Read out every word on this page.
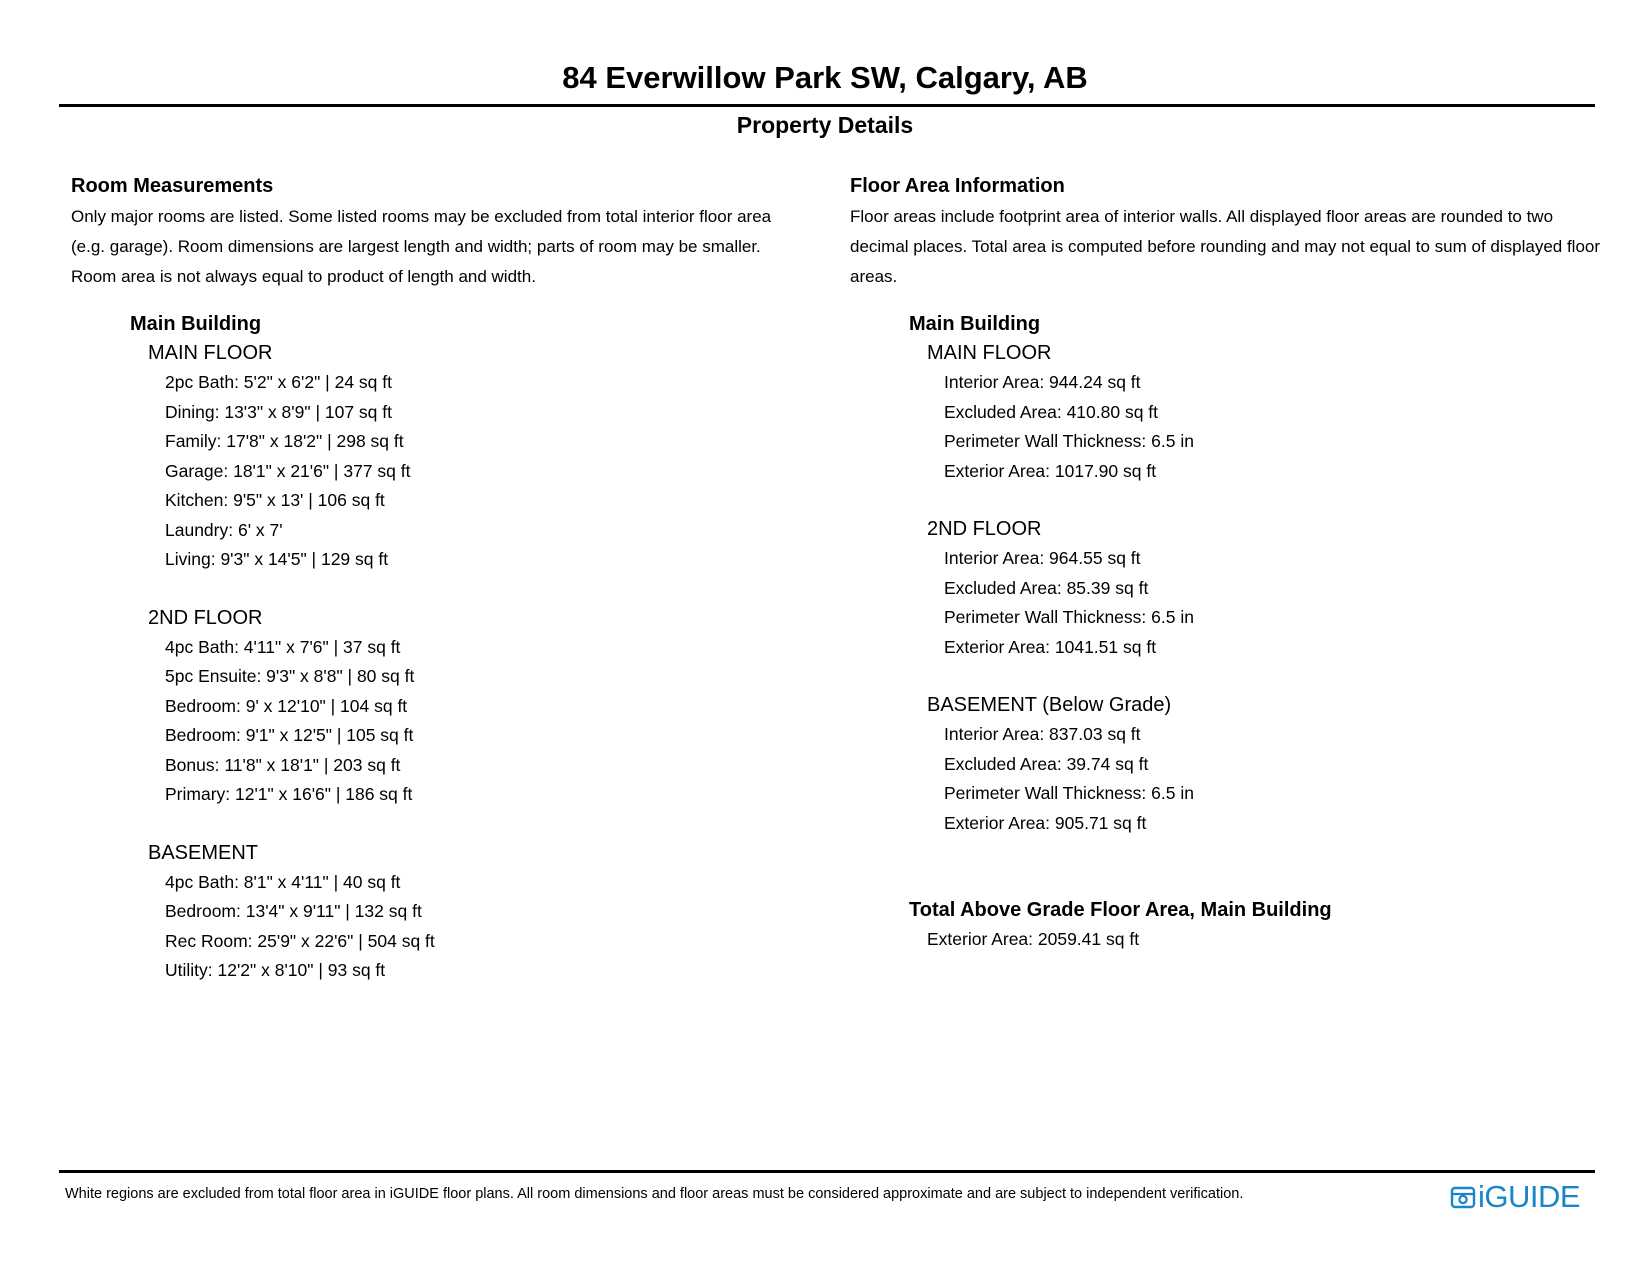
84 Everwillow Park SW, Calgary, AB
Property Details
Room Measurements

Only major rooms are listed. Some listed rooms may be excluded from total interior floor area (e.g. garage). Room dimensions are largest length and width; parts of room may be smaller. Room area is not always equal to product of length and width.

Main Building
MAIN FLOOR
2pc Bath: 5'2" x 6'2" | 24 sq ft
Dining: 13'3" x 8'9" | 107 sq ft
Family: 17'8" x 18'2" | 298 sq ft
Garage: 18'1" x 21'6" | 377 sq ft
Kitchen: 9'5" x 13' | 106 sq ft
Laundry: 6' x 7'
Living: 9'3" x 14'5" | 129 sq ft
2ND FLOOR
4pc Bath: 4'11" x 7'6" | 37 sq ft
5pc Ensuite: 9'3" x 8'8" | 80 sq ft
Bedroom: 9' x 12'10" | 104 sq ft
Bedroom: 9'1" x 12'5" | 105 sq ft
Bonus: 11'8" x 18'1" | 203 sq ft
Primary: 12'1" x 16'6" | 186 sq ft
BASEMENT
4pc Bath: 8'1" x 4'11" | 40 sq ft
Bedroom: 13'4" x 9'11" | 132 sq ft
Rec Room: 25'9" x 22'6" | 504 sq ft
Utility: 12'2" x 8'10" | 93 sq ft
Floor Area Information

Floor areas include footprint area of interior walls. All displayed floor areas are rounded to two decimal places. Total area is computed before rounding and may not equal to sum of displayed floor areas.

Main Building
MAIN FLOOR
Interior Area: 944.24 sq ft
Excluded Area: 410.80 sq ft
Perimeter Wall Thickness: 6.5 in
Exterior Area: 1017.90 sq ft
2ND FLOOR
Interior Area: 964.55 sq ft
Excluded Area: 85.39 sq ft
Perimeter Wall Thickness: 6.5 in
Exterior Area: 1041.51 sq ft
BASEMENT (Below Grade)
Interior Area: 837.03 sq ft
Excluded Area: 39.74 sq ft
Perimeter Wall Thickness: 6.5 in
Exterior Area: 905.71 sq ft
Total Above Grade Floor Area, Main Building
Exterior Area: 2059.41 sq ft
White regions are excluded from total floor area in iGUIDE floor plans. All room dimensions and floor areas must be considered approximate and are subject to independent verification.	iGUIDE
